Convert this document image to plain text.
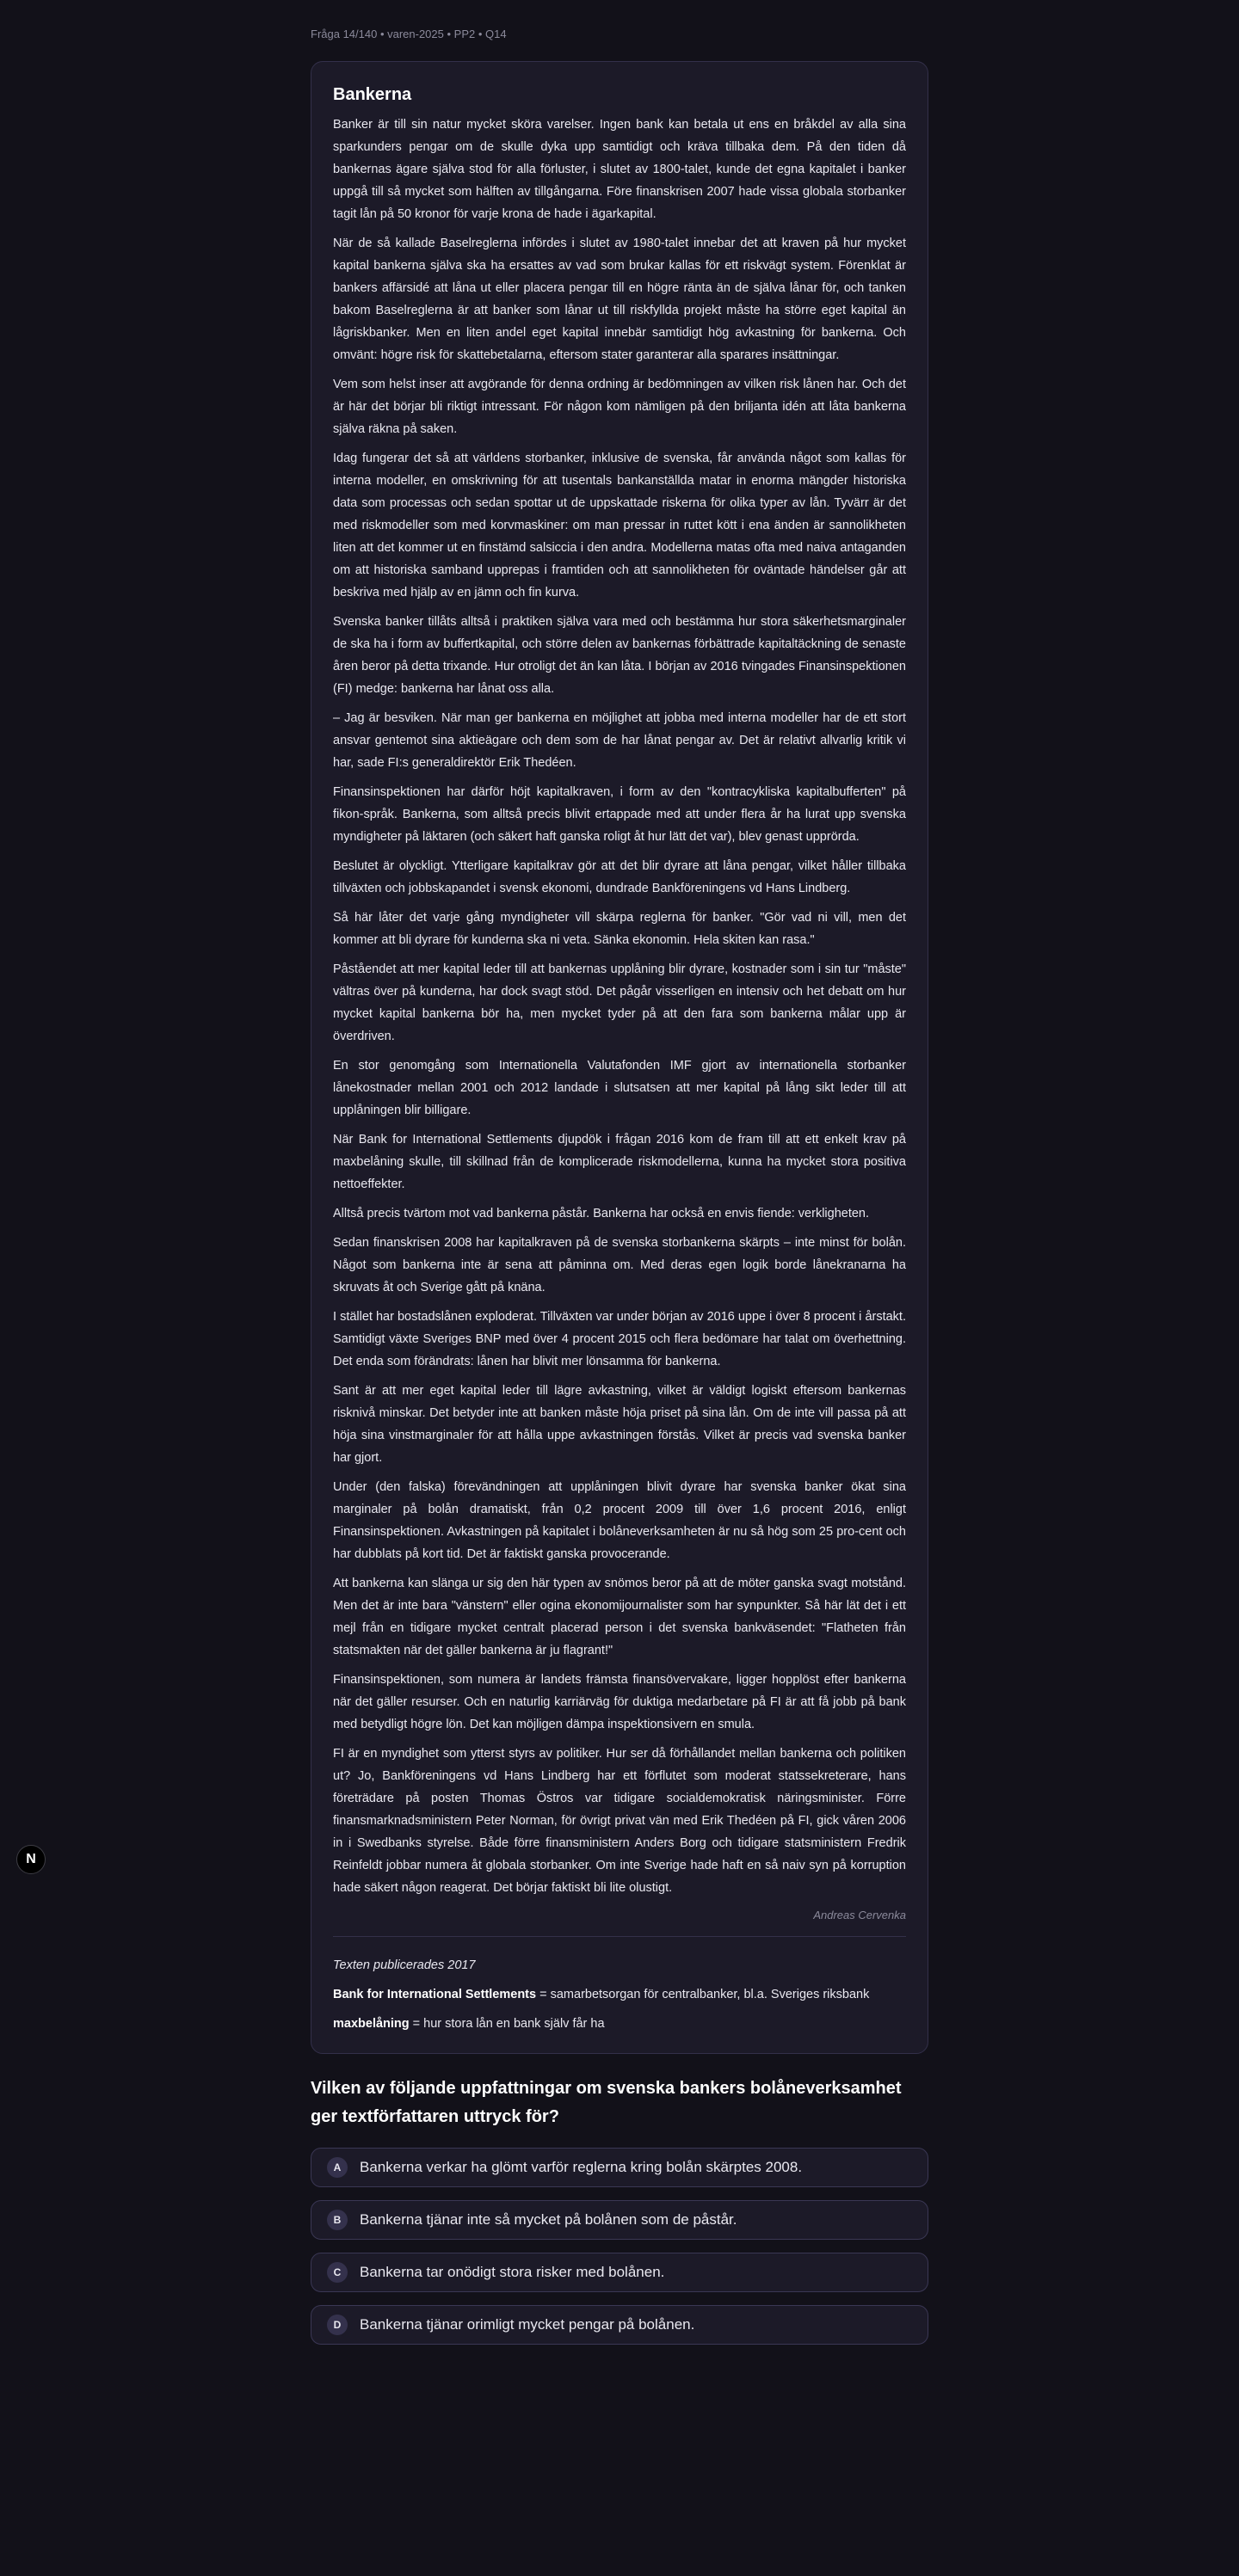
Fråga 14/140 • varen-2025 • PP2 • Q14
Bankerna

Banker är till sin natur mycket sköra varelser. Ingen bank kan betala ut ens en bråkdel av alla sina sparkunders pengar om de skulle dyka upp samtidigt och kräva tillbaka dem. På den tiden då bankernas ägare själva stod för alla förluster, i slutet av 1800-talet, kunde det egna kapitalet i banker uppgå till så mycket som hälften av tillgångarna. Före finanskrisen 2007 hade vissa globala storbanker tagit lån på 50 kronor för varje krona de hade i ägarkapital.

När de så kallade Baselreglerna infördes i slutet av 1980-talet innebar det att kraven på hur mycket kapital bankerna själva ska ha ersattes av vad som brukar kallas för ett riskvägt system. Förenklat är bankers affärsidé att låna ut eller placera pengar till en högre ränta än de själva lånar för, och tanken bakom Baselreglerna är att banker som lånar ut till riskfyllda projekt måste ha större eget kapital än lågriskbanker. Men en liten andel eget kapital innebär samtidigt hög avkastning för bankerna. Och omvänt: högre risk för skattebetalarna, eftersom stater garanterar alla sparares insättningar.

Vem som helst inser att avgörande för denna ordning är bedömningen av vilken risk lånen har. Och det är här det börjar bli riktigt intressant. För någon kom nämligen på den briljanta idén att låta bankerna själva räkna på saken.

Idag fungerar det så att världens storbanker, inklusive de svenska, får använda något som kallas för interna modeller, en omskrivning för att tusentals bankanställda matar in enorma mängder historiska data som processas och sedan spottar ut de uppskattade riskerna för olika typer av lån. Tyvärr är det med riskmodeller som med korvmaskiner: om man pressar in ruttet kött i ena änden är sannolikheten liten att det kommer ut en finstämd salsiccia i den andra. Modellerna matas ofta med naiva antaganden om att historiska samband upprepas i framtiden och att sannolikheten för oväntade händelser går att beskriva med hjälp av en jämn och fin kurva.

Svenska banker tillåts alltså i praktiken själva vara med och bestämma hur stora säkerhetsmarginaler de ska ha i form av buffertkapital, och större delen av bankernas förbättrade kapitaltäckning de senaste åren beror på detta trixande. Hur otroligt det än kan låta. I början av 2016 tvingades Finansinspektionen (FI) medge: bankerna har lånat oss alla.

– Jag är besviken. När man ger bankerna en möjlighet att jobba med interna modeller har de ett stort ansvar gentemot sina aktieägare och dem som de har lånat pengar av. Det är relativt allvarlig kritik vi har, sade FI:s generaldirektör Erik Thedéen.

Finansinspektionen har därför höjt kapitalkraven, i form av den "kontracykliska kapitalbufferten" på fikon-språk. Bankerna, som alltså precis blivit ertappade med att under flera år ha lurat upp svenska myndigheter på läktaren (och säkert haft ganska roligt åt hur lätt det var), blev genast upprörda.

Beslutet är olyckligt. Ytterligare kapitalkrav gör att det blir dyrare att låna pengar, vilket håller tillbaka tillväxten och jobbskapandet i svensk ekonomi, dundrade Bankföreningens vd Hans Lindberg.

Så här låter det varje gång myndigheter vill skärpa reglerna för banker. "Gör vad ni vill, men det kommer att bli dyrare för kunderna ska ni veta. Sänka ekonomin. Hela skiten kan rasa."

Påståendet att mer kapital leder till att bankernas upplåning blir dyrare, kostnader som i sin tur "måste" vältras över på kunderna, har dock svagt stöd. Det pågår visserligen en intensiv och het debatt om hur mycket kapital bankerna bör ha, men mycket tyder på att den fara som bankerna målar upp är överdriven.

En stor genomgång som Internationella Valutafonden IMF gjort av internationella storbanker lånekostnader mellan 2001 och 2012 landade i slutsatsen att mer kapital på lång sikt leder till att upplåningen blir billigare.

När Bank for International Settlements djupdök i frågan 2016 kom de fram till att ett enkelt krav på maxbelåning skulle, till skillnad från de komplicerade riskmodellerna, kunna ha mycket stora positiva nettoeffekter.

Alltså precis tvärtom mot vad bankerna påstår. Bankerna har också en envis fiende: verkligheten.

Sedan finanskrisen 2008 har kapitalkraven på de svenska storbankerna skärpts – inte minst för bolån. Något som bankerna inte är sena att påminna om. Med deras egen logik borde lånekranarna ha skruvats åt och Sverige gått på knäna.

I stället har bostadslånen exploderat. Tillväxten var under början av 2016 uppe i över 8 procent i årstakt. Samtidigt växte Sveriges BNP med över 4 procent 2015 och flera bedömare har talat om överhettning. Det enda som förändrats: lånen har blivit mer lönsamma för bankerna.

Sant är att mer eget kapital leder till lägre avkastning, vilket är väldigt logiskt eftersom bankernas risknivå minskar. Det betyder inte att banken måste höja priset på sina lån. Om de inte vill passa på att höja sina vinstmarginaler för att hålla uppe avkastningen förstås. Vilket är precis vad svenska banker har gjort.

Under (den falska) förevändningen att upplåningen blivit dyrare har svenska banker ökat sina marginaler på bolån dramatiskt, från 0,2 procent 2009 till över 1,6 procent 2016, enligt Finansinspektionen. Avkastningen på kapitalet i bolåneverksamheten är nu så hög som 25 pro-cent och har dubblats på kort tid. Det är faktiskt ganska provocerande.

Att bankerna kan slänga ur sig den här typen av snömos beror på att de möter ganska svagt motstånd. Men det är inte bara "vänstern" eller ogina ekonomijournalister som har synpunkter. Så här lät det i ett mejl från en tidigare mycket centralt placerad person i det svenska bankväsendet: "Flatheten från statsmakten när det gäller bankerna är ju flagrant!"

Finansinspektionen, som numera är landets främsta finansövervakare, ligger hopplöst efter bankerna när det gäller resurser. Och en naturlig karriärväg för duktiga medarbetare på FI är att få jobb på bank med betydligt högre lön. Det kan möjligen dämpa inspektionsivern en smula.

FI är en myndighet som ytterst styrs av politiker. Hur ser då förhållandet mellan bankerna och politiken ut? Jo, Bankföreningens vd Hans Lindberg har ett förflutet som moderat statssekreterare, hans företrädare på posten Thomas Östros var tidigare socialdemokratisk näringsminister. Förre finansmarknadsministern Peter Norman, för övrigt privat vän med Erik Thedéen på FI, gick våren 2006 in i Swedbanks styrelse. Både förre finansministern Anders Borg och tidigare statsministern Fredrik Reinfeldt jobbar numera åt globala storbanker. Om inte Sverige hade haft en så naiv syn på korruption hade säkert någon reagerat. Det börjar faktiskt bli lite olustigt.

Andreas Cervenka

Texten publicerades 2017

Bank for International Settlements = samarbetsorgan för centralbanker, bl.a. Sveriges riksbank

maxbelåning = hur stora lån en bank själv får ha

Vilken av följande uppfattningar om svenska bankers bolåneverksamhet ger textförfattaren uttryck för?
A	Bankerna verkar ha glömt varför reglerna kring bolån skärptes 2008.
B	Bankerna tjänar inte så mycket på bolånen som de påstår.
C	Bankerna tar onödigt stora risker med bolånen.
D	Bankerna tjänar orimligt mycket pengar på bolånen.
N
